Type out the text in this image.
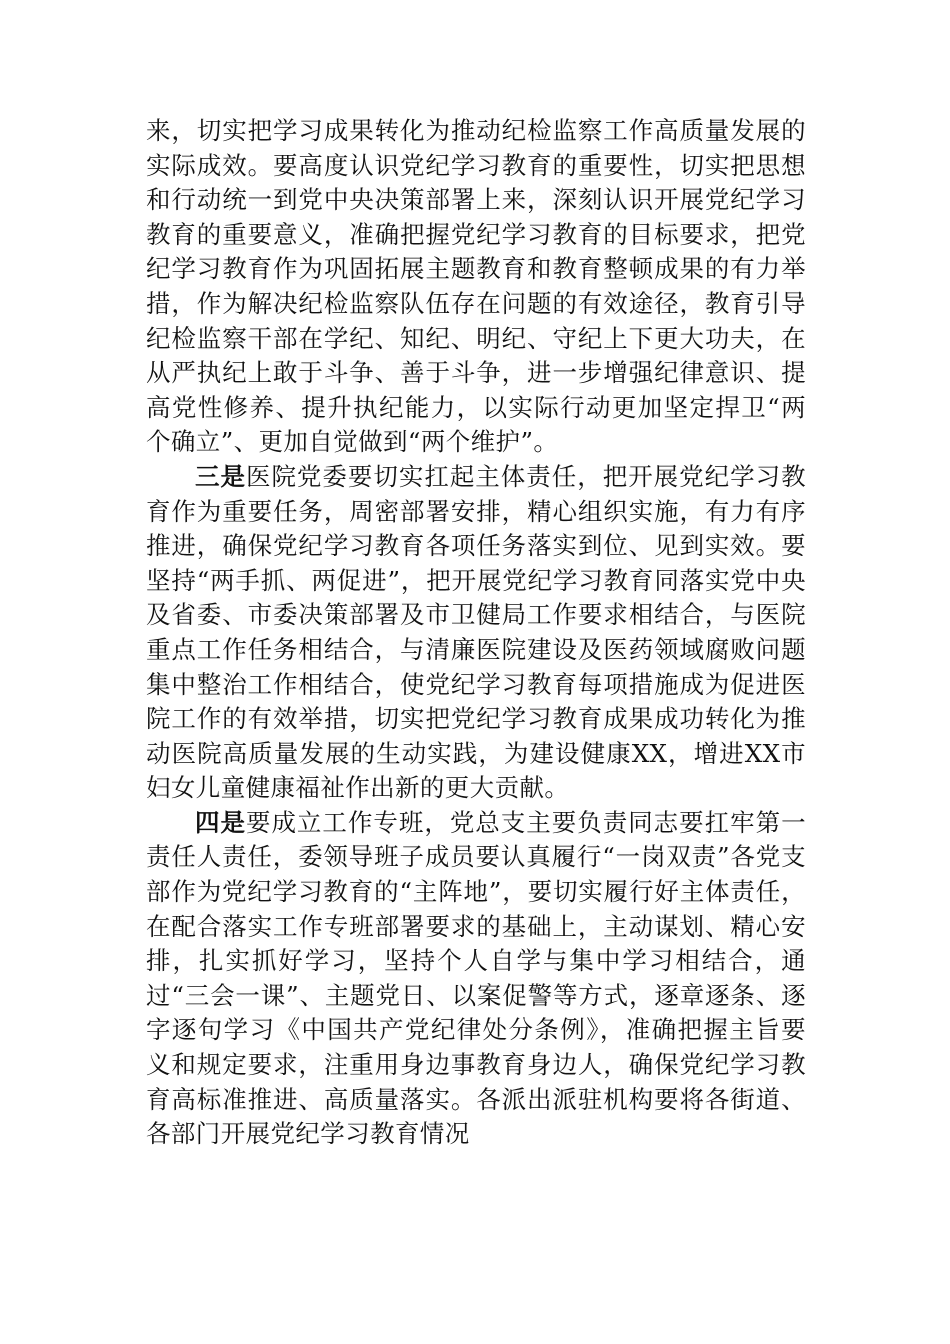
来，切实把学习成果转化为推动纪检监察工作高质量发展的实际成效。要高度认识党纪学习教育的重要性，切实把思想和行动统一到党中央决策部署上来，深刻认识开展党纪学习教育的重要意义，准确把握党纪学习教育的目标要求，把党纪学习教育作为巩固拓展主题教育和教育整顿成果的有力举措，作为解决纪检监察队伍存在问题的有效途径，教育引导纪检监察干部在学纪、知纪、明纪、守纪上下更大功夫，在从严执纪上敢于斗争、善于斗争，进一步增强纪律意识、提高党性修养、提升执纪能力，以实际行动更加坚定捍卫“两个确立”、更加自觉做到“两个维护”。

三是医院党委要切实扛起主体责任，把开展党纪学习教育作为重要任务，周密部署安排，精心组织实施，有力有序推进，确保党纪学习教育各项任务落实到位、见到实效。要坚持“两手抓、两促进”，把开展党纪学习教育同落实党中央及省委、市委决策部署及市卫健局工作要求相结合，与医院重点工作任务相结合，与清廉医院建设及医药领域腐败问题集中整治工作相结合，使党纪学习教育每项措施成为促进医院工作的有效举措，切实把党纪学习教育成果成功转化为推动医院高质量发展的生动实践，为建设健康XX，增进XX市妇女儿童健康福祉作出新的更大贡献。

四是要成立工作专班，党总支主要负责同志要扛牢第一责任人责任，委领导班子成员要认真履行“一岗双责”各党支部作为党纪学习教育的“主阵地”，要切实履行好主体责任，在配合落实工作专班部署要求的基础上，主动谋划、精心安排，扎实抓好学习，坚持个人自学与集中学习相结合，通过“三会一课”、主题党日、以案促警等方式，逐章逐条、逐字逐句学习《中国共产党纪律处分条例》，准确把握主旨要义和规定要求，注重用身边事教育身边人，确保党纪学习教育高标准推进、高质量落实。各派出派驻机构要将各街道、各部门开展党纪学习教育情况
